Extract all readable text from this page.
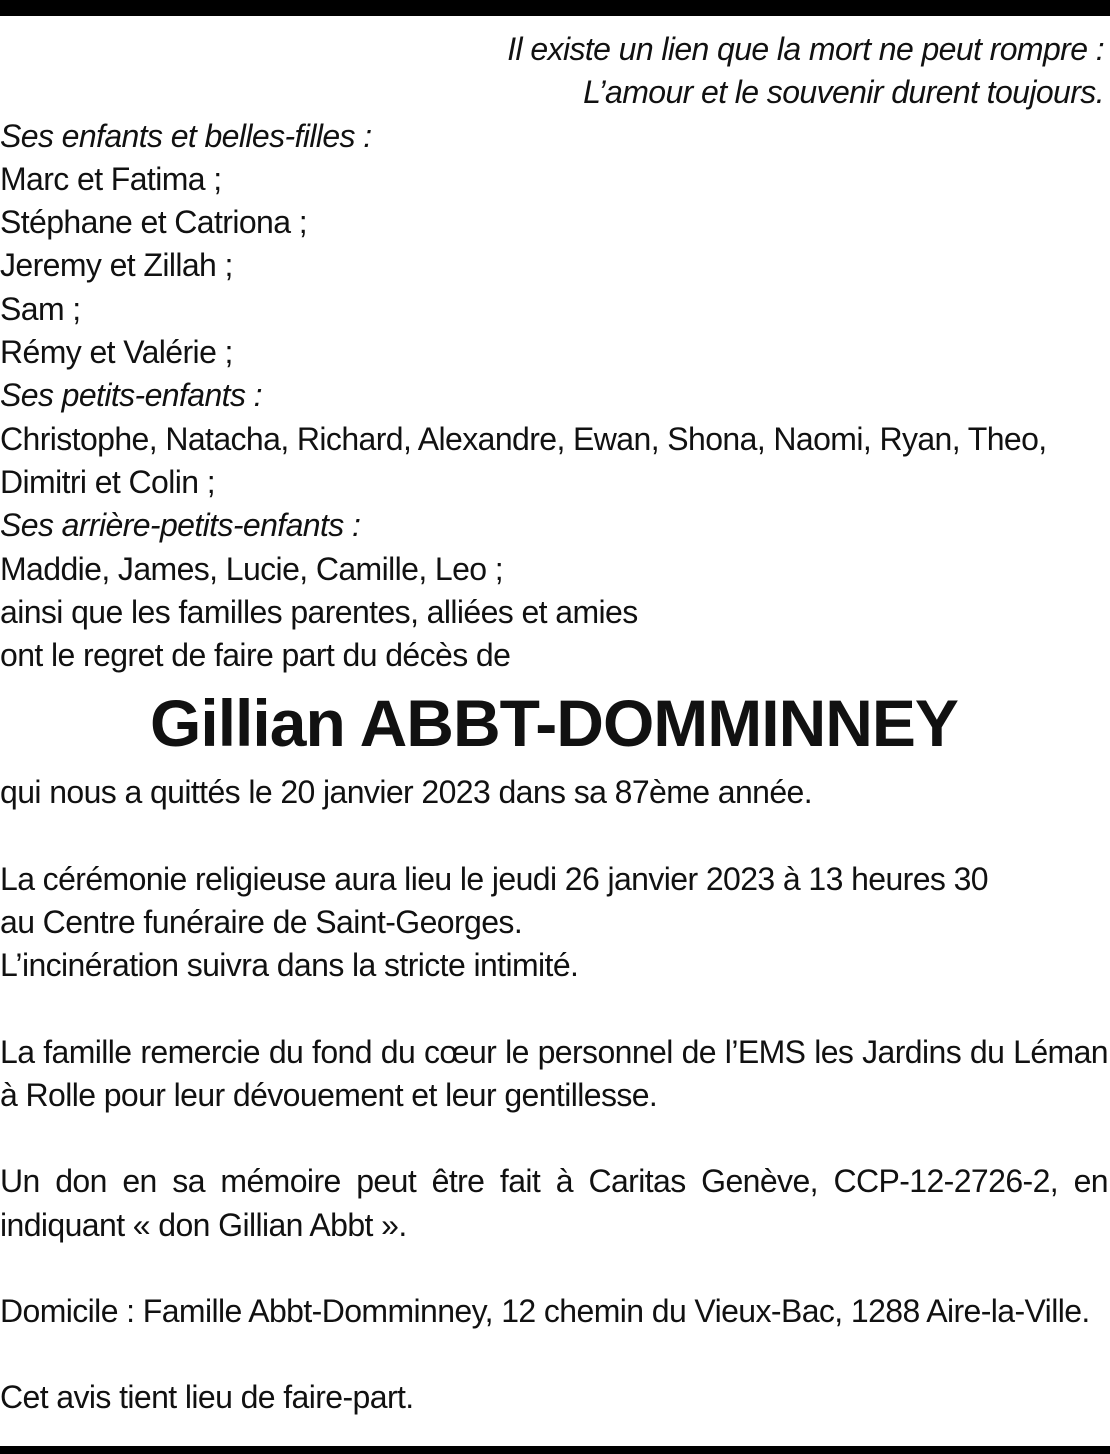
Il existe un lien que la mort ne peut rompre :
L’amour et le souvenir durent toujours.
Ses enfants et belles-filles :
Marc et Fatima ;
Stéphane et Catriona ;
Jeremy et Zillah ;
Sam ;
Rémy et Valérie ;
Ses petits-enfants :
Christophe, Natacha, Richard, Alexandre, Ewan, Shona, Naomi, Ryan, Theo,
Dimitri et Colin ;
Ses arrière-petits-enfants :
Maddie, James, Lucie, Camille, Leo ;
ainsi que les familles parentes, alliées et amies
ont le regret de faire part du décès de
Gillian ABBT-DOMMINNEY
qui nous a quittés le 20 janvier 2023 dans sa 87ème année.
La cérémonie religieuse aura lieu le jeudi 26 janvier 2023 à 13 heures 30
au Centre funéraire de Saint-Georges.
L’incinération suivra dans la stricte intimité.
La famille remercie du fond du cœur le personnel de l’EMS les Jardins du Léman à Rolle pour leur dévouement et leur gentillesse.
Un don en sa mémoire peut être fait à Caritas Genève, CCP-12-2726-2, en indiquant « don Gillian Abbt ».
Domicile : Famille Abbt-Domminney, 12 chemin du Vieux-Bac, 1288 Aire-la-Ville.
Cet avis tient lieu de faire-part.
